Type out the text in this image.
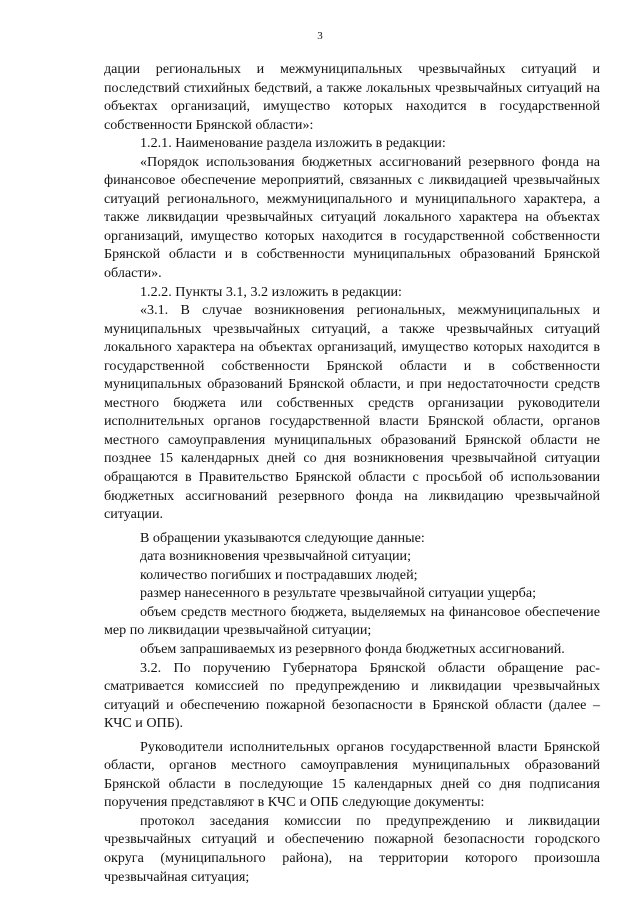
3

дации региональных и межмуниципальных чрезвычайных ситуаций и последствий стихийных бедствий, а также локальных чрезвычайных ситуаций на объектах организаций, имущество которых находится в государственной собственности Брянской области»:

1.2.1. Наименование раздела изложить в редакции:

«Порядок использования бюджетных ассигнований резервного фонда на финансовое обеспечение мероприятий, связанных с ликвидацией чрезвычайных ситуаций регионального, межмуниципального и муниципального характера, а также ликвидации чрезвычайных ситуаций локального характера на объектах организаций, имущество которых находится в государственной собственности Брянской области и в собственности муниципальных образований Брянской области».

1.2.2. Пункты 3.1, 3.2 изложить в редакции:

«3.1. В случае возникновения региональных, межмуниципальных и муниципальных чрезвычайных ситуаций, а также чрезвычайных ситуаций локального характера на объектах организаций, имущество которых находится в государственной собственности Брянской области и в собственности муниципальных образований Брянской области, и при недостаточности средств местного бюджета или собственных средств организации руководители исполнительных органов государственной власти Брянской области, органов местного самоуправления муниципальных образований Брянской области не позднее 15 календарных дней со дня возникновения чрезвычайной ситуации обращаются в Правительство Брянской области с просьбой об использовании бюджетных ассигнований резервного фонда на ликвидацию чрезвычайной ситуации.

В обращении указываются следующие данные:

дата возникновения чрезвычайной ситуации;

количество погибших и пострадавших людей;

размер нанесенного в результате чрезвычайной ситуации ущерба;

объем средств местного бюджета, выделяемых на финансовое обеспечение мер по ликвидации чрезвычайной ситуации;

объем запрашиваемых из резервного фонда бюджетных ассигнований.

3.2. По поручению Губернатора Брянской области обращение рассматривается комиссией по предупреждению и ликвидации чрезвычайных ситуаций и обеспечению пожарной безопасности в Брянской области (далее – КЧС и ОПБ).

Руководители исполнительных органов государственной власти Брянской области, органов местного самоуправления муниципальных образований Брянской области в последующие 15 календарных дней со дня подписания поручения представляют в КЧС и ОПБ следующие документы:

протокол заседания комиссии по предупреждению и ликвидации чрезвычайных ситуаций и обеспечению пожарной безопасности городского округа (муниципального района), на территории которого произошла чрезвычайная ситуация;
